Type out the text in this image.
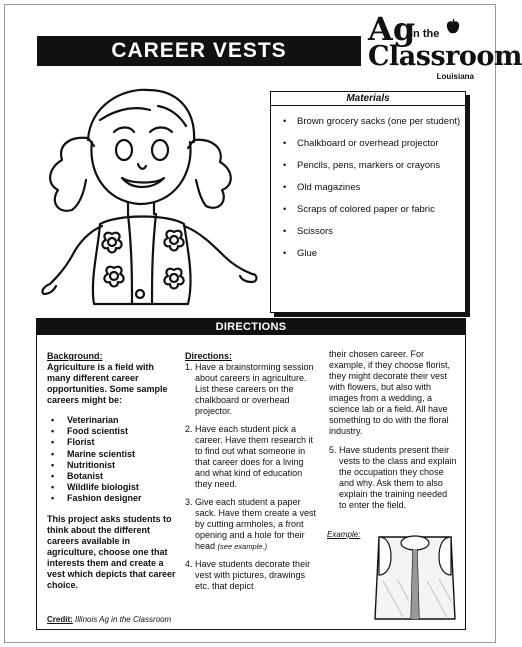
CAREER VESTS
Ag
in the
Classroom
Louisiana
Materials
• Brown grocery sacks (one per student)
• Chalkboard or overhead projector
• Pencils, pens, markers or crayons
• Old magazines
• Scraps of colored paper or fabric
• Scissors
• Glue
DIRECTIONS
Background:
Agriculture is a field with many different career opportunities. Some sample careers might be:
• Veterinarian
• Food scientist
• Florist
• Marine scientist
• Nutritionist
• Botanist
• Wildlife biologist
• Fashion designer
This project asks students to think about the different careers available in agriculture, choose one that interests them and create a vest which depicts that career choice.
Credit: Illinois Ag in the Classroom
Directions:
1. Have a brainstorming session about careers in agriculture. List these careers on the chalkboard or overhead projector.
2. Have each student pick a career. Have them research it to find out what someone in that career does for a living and what kind of education they need.
3. Give each student a paper sack. Have them create a vest by cutting armholes, a front opening and a hole for their head (see example.)
4. Have students decorate their vest with pictures, drawings etc. that depict
their chosen career. For example, if they choose florist, they might decorate their vest with flowers, but also with images from a wedding, a science lab or a field. All have something to do with the floral industry.
5. Have students present their vests to the class and explain the occupation they chose and why. Ask them to also explain the training needed to enter the field.
Example:
